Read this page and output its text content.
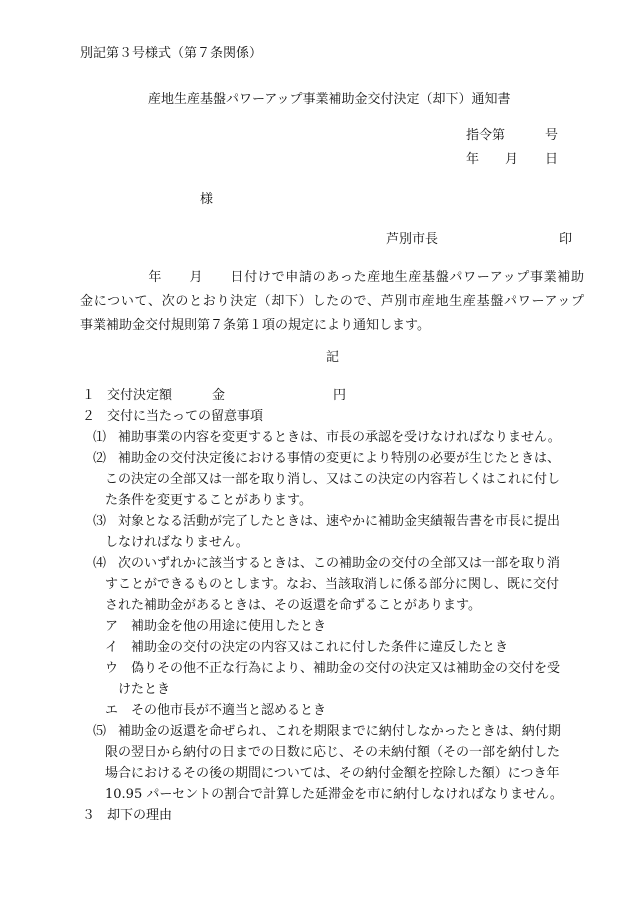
別記第３号様式（第７条関係）
産地生産基盤パワーアップ事業補助金交付決定（却下）通知書
指令第	号
年 月 日
様
芦別市長	印
　　　　　年　　月　　日付けで申請のあった産地生産基盤パワーアップ事業補助
金について、次のとおり決定（却下）したので、芦別市産地生産基盤パワーアップ
事業補助金交付規則第７条第１項の規定により通知します。
記
１ 交付決定額	金	円
２ 交付に当たっての留意事項
⑴ 補助事業の内容を変更するときは、市長の承認を受けなければなりません。
⑵ 補助金の交付決定後における事情の変更により特別の必要が生じたときは、
この決定の全部又は一部を取り消し、又はこの決定の内容若しくはこれに付し
た条件を変更することがあります。
⑶ 対象となる活動が完了したときは、速やかに補助金実績報告書を市長に提出
しなければなりません。
⑷ 次のいずれかに該当するときは、この補助金の交付の全部又は一部を取り消
すことができるものとします。なお、当該取消しに係る部分に関し、既に交付
された補助金があるときは、その返還を命ずることがあります。
ア 補助金を他の用途に使用したとき
イ 補助金の交付の決定の内容又はこれに付した条件に違反したとき
ウ 偽りその他不正な行為により、補助金の交付の決定又は補助金の交付を受
けたとき
エ その他市長が不適当と認めるとき
⑸ 補助金の返還を命ぜられ、これを期限までに納付しなかったときは、納付期
限の翌日から納付の日までの日数に応じ、その未納付額（その一部を納付した
場合におけるその後の期間については、その納付金額を控除した額）につき年
10.95 パーセントの割合で計算した延滞金を市に納付しなければなりません。
３ 却下の理由
